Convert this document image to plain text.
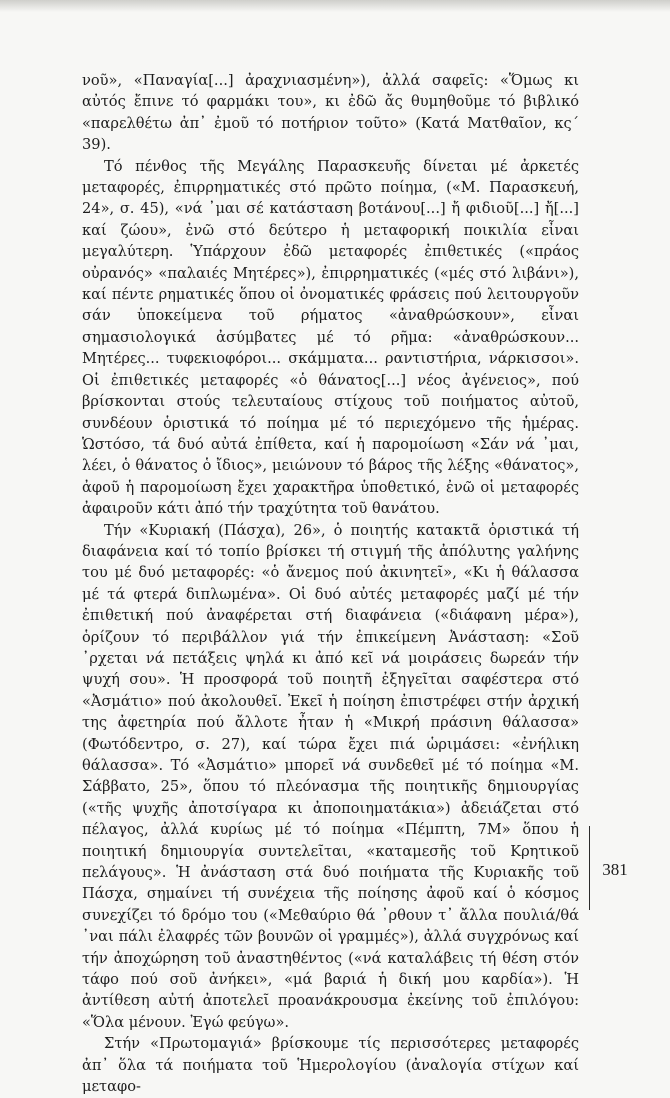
νοῦ», «Παναγία[...] ἀραχνιασμένη»), ἀλλά σαφεῖς: «Ὅμως κι αὐτός ἔπινε τό φαρμάκι του», κι ἐδῶ ἄς θυμηθοῦμε τό βιβλικό «παρελθέτω ἀπ᾽ ἐμοῦ τό ποτήριον τοῦτο» (Κατά Ματθαῖον, κς΄ 39).

Τό πένθος τῆς Μεγάλης Παρασκευῆς δίνεται μέ ἀρκετές μεταφορές, ἐπιρρηματικές στό πρῶτο ποίημα, («Μ. Παρασκευή, 24», σ. 45), «νά ᾽μαι σέ κατάσταση βοτάνου[...] ἤ φιδιοῦ[...] ἤ[...] καί ζώου», ἐνῶ στό δεύτερο ἡ μεταφορική ποικιλία εἶναι μεγαλύτερη. Ὑπάρχουν ἐδῶ μεταφορές ἐπιθετικές («πράος οὐρανός» «παλαιές Μητέρες»), ἐπιρρηματικές («μές στό λιβάνι»), καί πέντε ρηματικές ὅπου οἱ ὀνοματικές φράσεις πού λειτουργοῦν σάν ὑποκείμενα τοῦ ρήματος «ἀναθρώσκουν», εἶναι σημασιολογικά ἀσύμβατες μέ τό ρῆμα: «ἀναθρώσκουν... Μητέρες... τυφεκιοφόροι... σκάμματα... ραντιστήρια, νάρκισσοι». Οἱ ἐπιθετικές μεταφορές «ὁ θάνατος[...] νέος ἀγένειος», πού βρίσκονται στούς τελευταίους στίχους τοῦ ποιήματος αὐτοῦ, συνδέουν ὁριστικά τό ποίημα μέ τό περιεχόμενο τῆς ἡμέρας. Ὡστόσο, τά δυό αὐτά ἐπίθετα, καί ἡ παρομοίωση «Σάν νά ᾽μαι, λέει, ὁ θάνατος ὁ ἴδιος», μειώνουν τό βάρος τῆς λέξης «θάνατος», ἀφοῦ ἡ παρομοίωση ἔχει χαρακτῆρα ὑποθετικό, ἐνῶ οἱ μεταφορές ἀφαιροῦν κάτι ἀπό τήν τραχύτητα τοῦ θανάτου.

Τήν «Κυριακή (Πάσχα), 26», ὁ ποιητής κατακτᾶ ὁριστικά τή διαφάνεια καί τό τοπίο βρίσκει τή στιγμή τῆς ἀπόλυτης γαλήνης του μέ δυό μεταφορές: «ὁ ἄνεμος πού ἀκινητεῖ», «Κι ἡ θάλασσα μέ τά φτερά διπλωμένα». Οἱ δυό αὐτές μεταφορές μαζί μέ τήν ἐπιθετική πού ἀναφέρεται στή διαφάνεια («διάφανη μέρα»), ὁρίζουν τό περιβάλλον γιά τήν ἐπικείμενη Ἀνάσταση: «Σοῦ ᾽ρχεται νά πετάξεις ψηλά κι ἀπό κεῖ νά μοιράσεις δωρεάν τήν ψυχή σου». Ἡ προσφορά τοῦ ποιητῆ ἐξηγεῖται σαφέστερα στό «Ἀσμάτιο» πού ἀκολουθεῖ. Ἐκεῖ ἡ ποίηση ἐπιστρέφει στήν ἀρχική της ἀφετηρία πού ἄλλοτε ἦταν ἡ «Μικρή πράσινη θάλασσα» (Φωτόδεντρο, σ. 27), καί τώρα ἔχει πιά ὡριμάσει: «ἐνήλικη θάλασσα». Τό «Ἀσμάτιο» μπορεῖ νά συνδεθεῖ μέ τό ποίημα «Μ. Σάββατο, 25», ὅπου τό πλεόνασμα τῆς ποιητικῆς δημιουργίας («τῆς ψυχῆς ἀποτσίγαρα κι ἀποποιηματάκια») ἀδειάζεται στό πέλαγος, ἀλλά κυρίως μέ τό ποίημα «Πέμπτη, 7Μ» ὅπου ἡ ποιητική δημιουργία συντελεῖται, «καταμεσῆς τοῦ Κρητικοῦ πελάγους». Ἡ ἀνάσταση στά δυό ποιήματα τῆς Κυριακῆς τοῦ Πάσχα, σημαίνει τή συνέχεια τῆς ποίησης ἀφοῦ καί ὁ κόσμος συνεχίζει τό δρόμο του («Μεθαύριο θά ᾽ρθουν τ᾽ ἄλλα πουλιά/θά ᾽ναι πάλι ἐλαφρές τῶν βουνῶν οἱ γραμμές»), ἀλλά συγχρόνως καί τήν ἀποχώρηση τοῦ ἀναστηθέντος («νά καταλάβεις τή θέση στόν τάφο πού σοῦ ἀνήκει», «μά βαριά ἡ δική μου καρδία»). Ἡ ἀντίθεση αὐτή ἀποτελεῖ προανάκρουσμα ἐκείνης τοῦ ἐπιλόγου: «Ὅλα μένουν. Ἐγώ φεύγω».

Στήν «Πρωτομαγιά» βρίσκουμε τίς περισσότερες μεταφορές ἀπ᾽ ὅλα τά ποιήματα τοῦ Ἡμερολογίου (ἀναλογία στίχων καί μεταφο-

381
